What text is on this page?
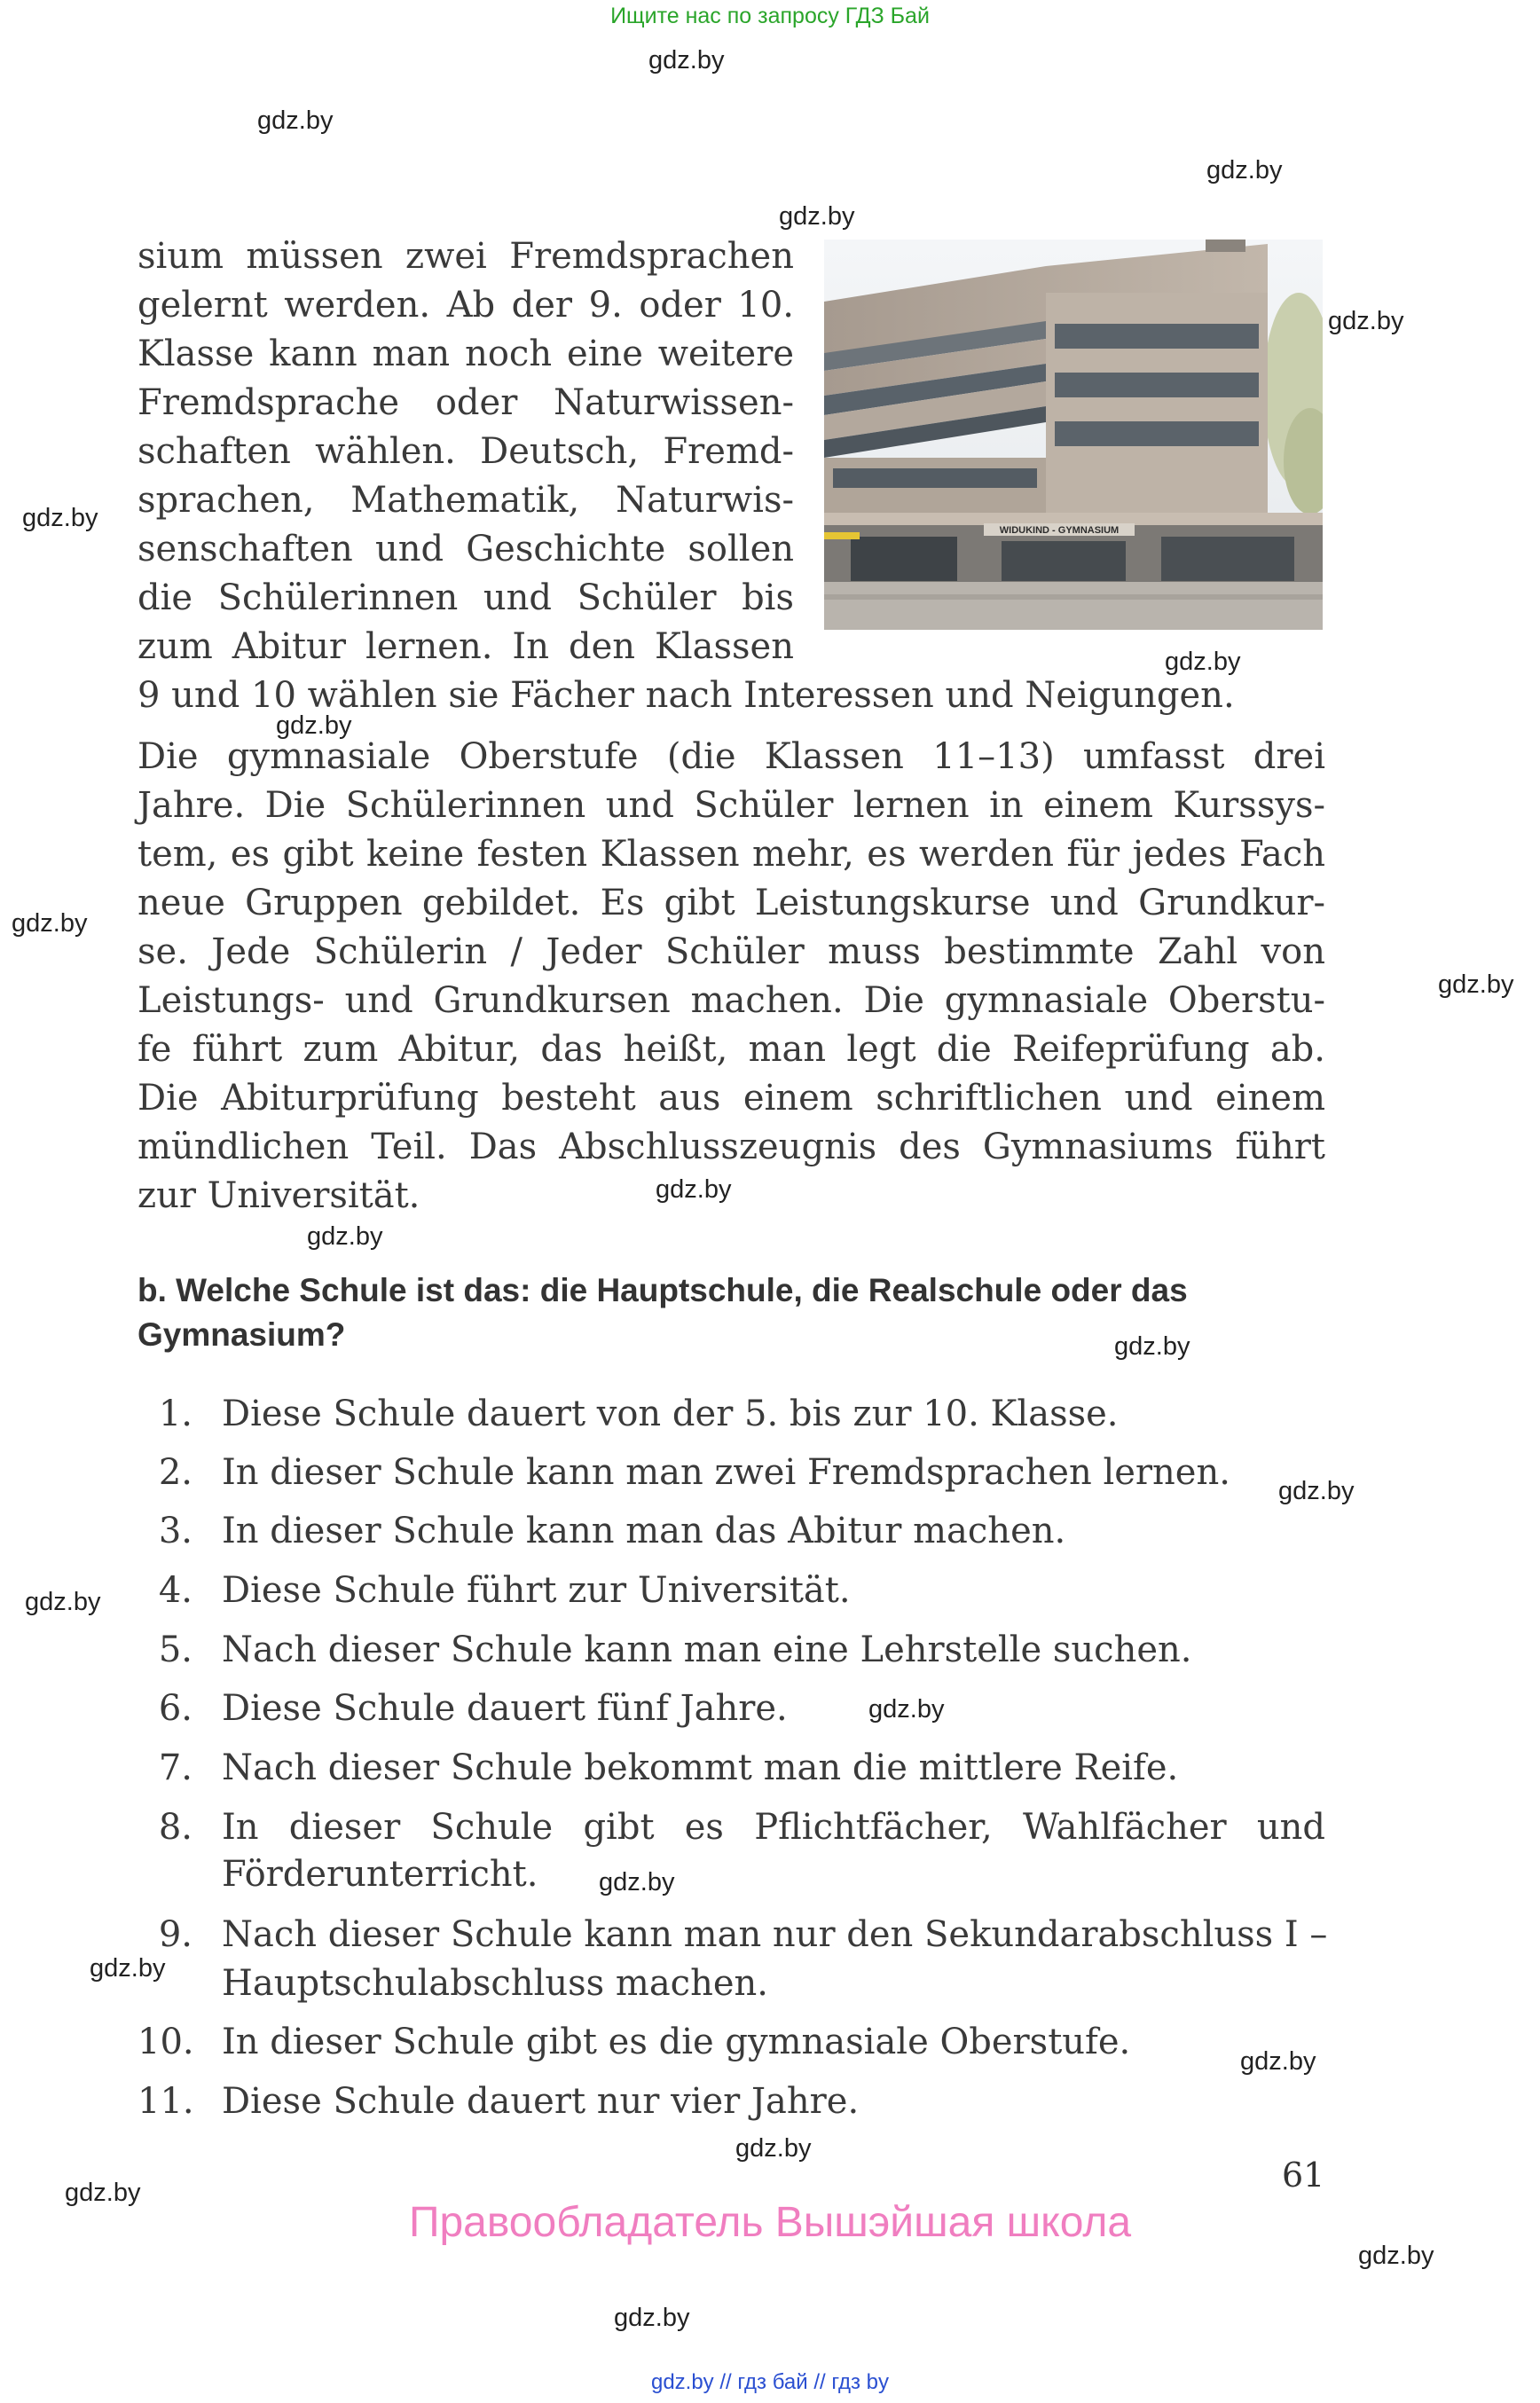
Ищите нас по запросу ГДЗ Бай
gdz.by
gdz.by
gdz.by
gdz.by
gdz.by
gdz.by
gdz.by
gdz.by
gdz.by
gdz.by
gdz.by
gdz.by
gdz.by
gdz.by
gdz.by
gdz.by
gdz.by
gdz.by
gdz.by
gdz.by
gdz.by
gdz.by
gdz.by
WIDUKIND - GYMNASIUM
sium müssen zwei Fremdsprachen
gelernt werden. Ab der 9. oder 10.
Klasse kann man noch eine weitere
Fremdsprache oder Naturwissen-
schaften wählen. Deutsch, Fremd-
sprachen, Mathematik, Naturwis-
senschaften und Geschichte sollen
die Schülerinnen und Schüler bis
zum Abitur lernen. In den Klassen
9 und 10 wählen sie Fächer nach Interessen und Neigungen.
Die gymnasiale Oberstufe (die Klassen 11–13) umfasst drei
Jahre. Die Schülerinnen und Schüler lernen in einem Kurssys-
tem, es gibt keine festen Klassen mehr, es werden für jedes Fach
neue Gruppen gebildet. Es gibt Leistungskurse und Grundkur-
se. Jede Schülerin / Jeder Schüler muss bestimmte Zahl von
Leistungs- und Grundkursen machen. Die gymnasiale Oberstu-
fe führt zum Abitur, das heißt, man legt die Reifeprüfung ab.
Die Abiturprüfung besteht aus einem schriftlichen und einem
mündlichen Teil. Das Abschlusszeugnis des Gymnasiums führt
zur Universität.
b. Welche Schule ist das: die Hauptschule, die Realschule oder das Gymnasium?
1. Diese Schule dauert von der 5. bis zur 10. Klasse.
2. In dieser Schule kann man zwei Fremdsprachen lernen.
3. In dieser Schule kann man das Abitur machen.
4. Diese Schule führt zur Universität.
5. Nach dieser Schule kann man eine Lehrstelle suchen.
6. Diese Schule dauert fünf Jahre.
7. Nach dieser Schule bekommt man die mittlere Reife.
8. In dieser Schule gibt es Pflichtfächer, Wahlfächer und
Förderunterricht.
9. Nach dieser Schule kann man nur den Sekundarabschluss I –
Hauptschulabschluss machen.
10. In dieser Schule gibt es die gymnasiale Oberstufe.
11. Diese Schule dauert nur vier Jahre.
61
Правообладатель Вышэйшая школа
gdz.by // гдз бай // гдз by
